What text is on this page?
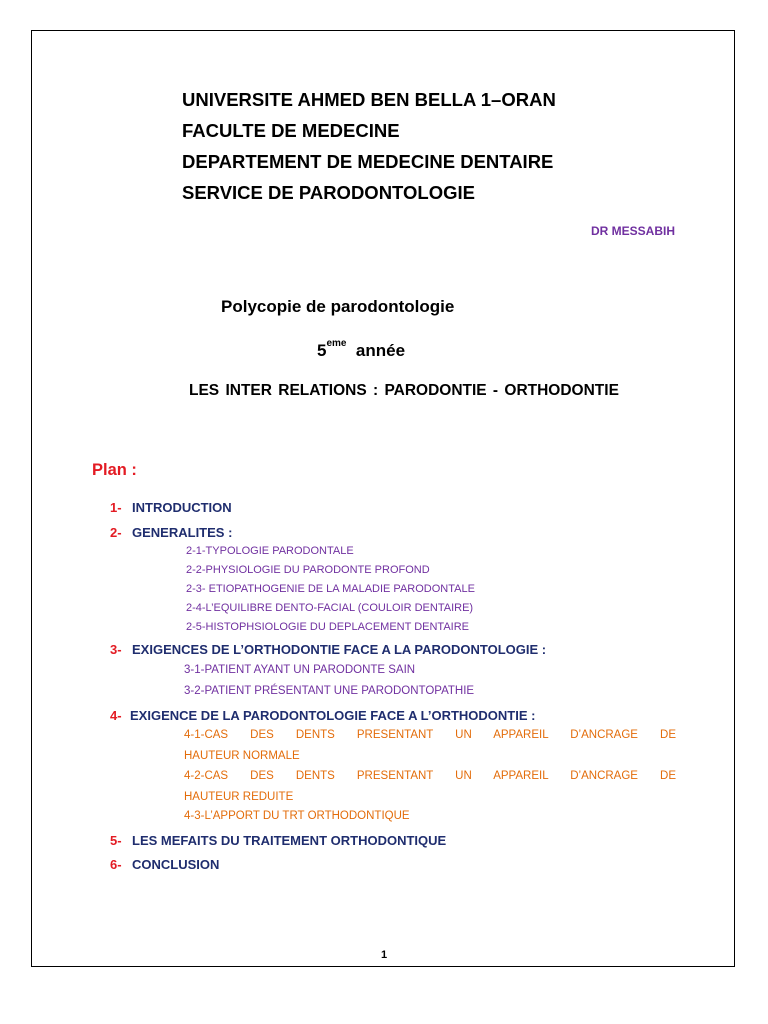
UNIVERSITE AHMED BEN BELLA 1–ORAN
FACULTE DE MEDECINE
DEPARTEMENT DE MEDECINE DENTAIRE
SERVICE DE PARODONTOLOGIE
DR MESSABIH
Polycopie de parodontologie
5eme  année
LES INTER RELATIONS : PARODONTIE - ORTHODONTIE
Plan :
1- INTRODUCTION
2- GENERALITES :
2-1-TYPOLOGIE PARODONTALE
2-2-PHYSIOLOGIE DU PARODONTE PROFOND
2-3- ETIOPATHOGENIE DE LA MALADIE PARODONTALE
2-4-L’EQUILIBRE DENTO-FACIAL (COULOIR DENTAIRE)
2-5-HISTOPHSIOLOGIE DU DEPLACEMENT DENTAIRE
3- EXIGENCES DE L’ORTHODONTIE FACE A LA PARODONTOLOGIE :
3-1-PATIENT AYANT UN PARODONTE SAIN
3-2-PATIENT PRÉSENTANT UNE PARODONTOPATHIE
4- EXIGENCE DE LA PARODONTOLOGIE FACE A L’ORTHODONTIE :
4-1-CAS DES DENTS PRESENTANT UN APPAREIL D’ANCRAGE DE
HAUTEUR NORMALE
4-2-CAS DES DENTS PRESENTANT UN APPAREIL D’ANCRAGE DE
HAUTEUR REDUITE
4-3-L’APPORT DU TRT ORTHODONTIQUE
5- LES MEFAITS DU TRAITEMENT ORTHODONTIQUE
6- CONCLUSION
1
